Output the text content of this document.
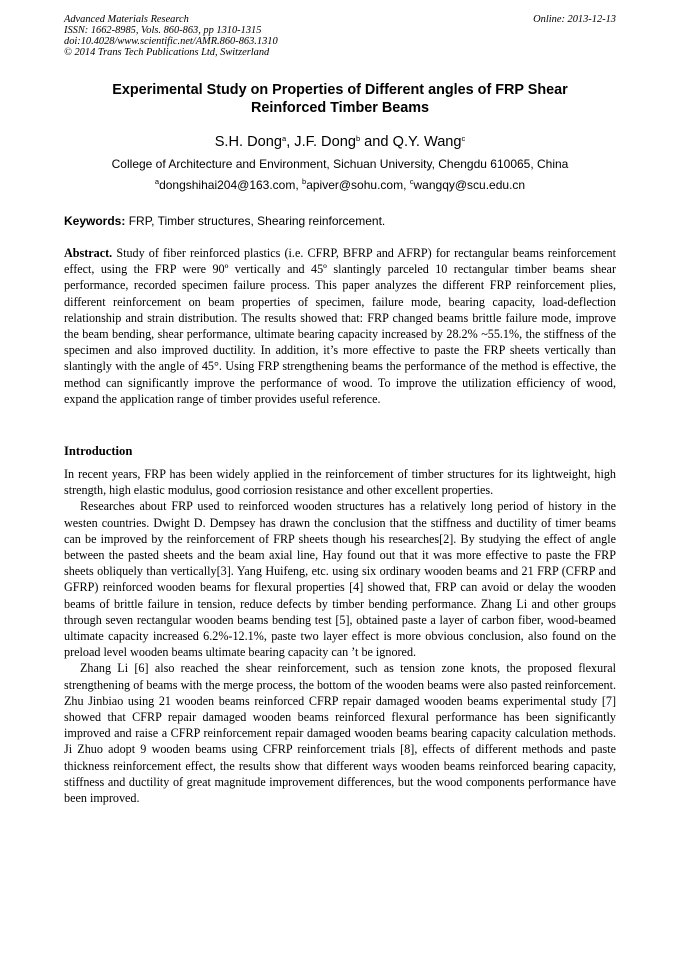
Advanced Materials Research
ISSN: 1662-8985, Vols. 860-863, pp 1310-1315
doi:10.4028/www.scientific.net/AMR.860-863.1310
© 2014 Trans Tech Publications Ltd, Switzerland
Online: 2013-12-13
Experimental Study on Properties of Different angles of FRP Shear
Reinforced Timber Beams
S.H. Dong$^a$, J.F. Dong$^b$ and Q.Y. Wang$^c$
College of Architecture and Environment, Sichuan University, Chengdu 610065, China
$^a$dongshihai204@163.com, $^b$apiver@sohu.com, $^c$wangqy@scu.edu.cn
Keywords: FRP, Timber structures, Shearing reinforcement.
Abstract. Study of fiber reinforced plastics (i.e. CFRP, BFRP and AFRP) for rectangular beams reinforcement effect, using the FRP were 90º vertically and 45º slantingly parceled 10 rectangular timber beams shear performance, recorded specimen failure process. This paper analyzes the different FRP reinforcement plies, different reinforcement on beam properties of specimen, failure mode, bearing capacity, load-deflection relationship and strain distribution. The results showed that: FRP changed beams brittle failure mode, improve the beam bending, shear performance, ultimate bearing capacity increased by 28.2% ~55.1%, the stiffness of the specimen and also improved ductility. In addition, it’s more effective to paste the FRP sheets vertically than slantingly with the angle of 45°. Using FRP strengthening beams the performance of the method is effective, the method can significantly improve the performance of wood. To improve the utilization efficiency of wood, expand the application range of timber provides useful reference.
Introduction

In recent years, FRP has been widely applied in the reinforcement of timber structures for its lightweight, high strength, high elastic modulus, good corriosion resistance and other excellent properties.

Researches about FRP used to reinforced wooden structures has a relatively long period of history in the westen countries. Dwight D. Dempsey has drawn the conclusion that the stiffness and ductility of timer beams can be improved by the reinforcement of FRP sheets though his researches[2]. By studying the effect of angle between the pasted sheets and the beam axial line, Hay found out that it was more effective to paste the FRP sheets obliquely than vertically[3]. Yang Huifeng, etc. using six ordinary wooden beams and 21 FRP (CFRP and GFRP) reinforced wooden beams for flexural properties [4] showed that, FRP can avoid or delay the wooden beams of brittle failure in tension, reduce defects by timber bending performance. Zhang Li and other groups through seven rectangular wooden beams bending test [5], obtained paste a layer of carbon fiber, wood-beamed ultimate capacity increased 6.2%-12.1%, paste two layer effect is more obvious conclusion, also found on the preload level wooden beams ultimate bearing capacity can ’t be ignored.

Zhang Li [6] also reached the shear reinforcement, such as tension zone knots, the proposed flexural strengthening of beams with the merge process, the bottom of the wooden beams were also pasted reinforcement. Zhu Jinbiao using 21 wooden beams reinforced CFRP repair damaged wooden beams experimental study [7] showed that CFRP repair damaged wooden beams reinforced flexural performance has been significantly improved and raise a CFRP reinforcement repair damaged wooden beams bearing capacity calculation methods. Ji Zhuo adopt 9 wooden beams using CFRP reinforcement trials [8], effects of different methods and paste thickness reinforcement effect, the results show that different ways wooden beams reinforced bearing capacity, stiffness and ductility of great magnitude improvement differences, but the wood components performance have been improved.
